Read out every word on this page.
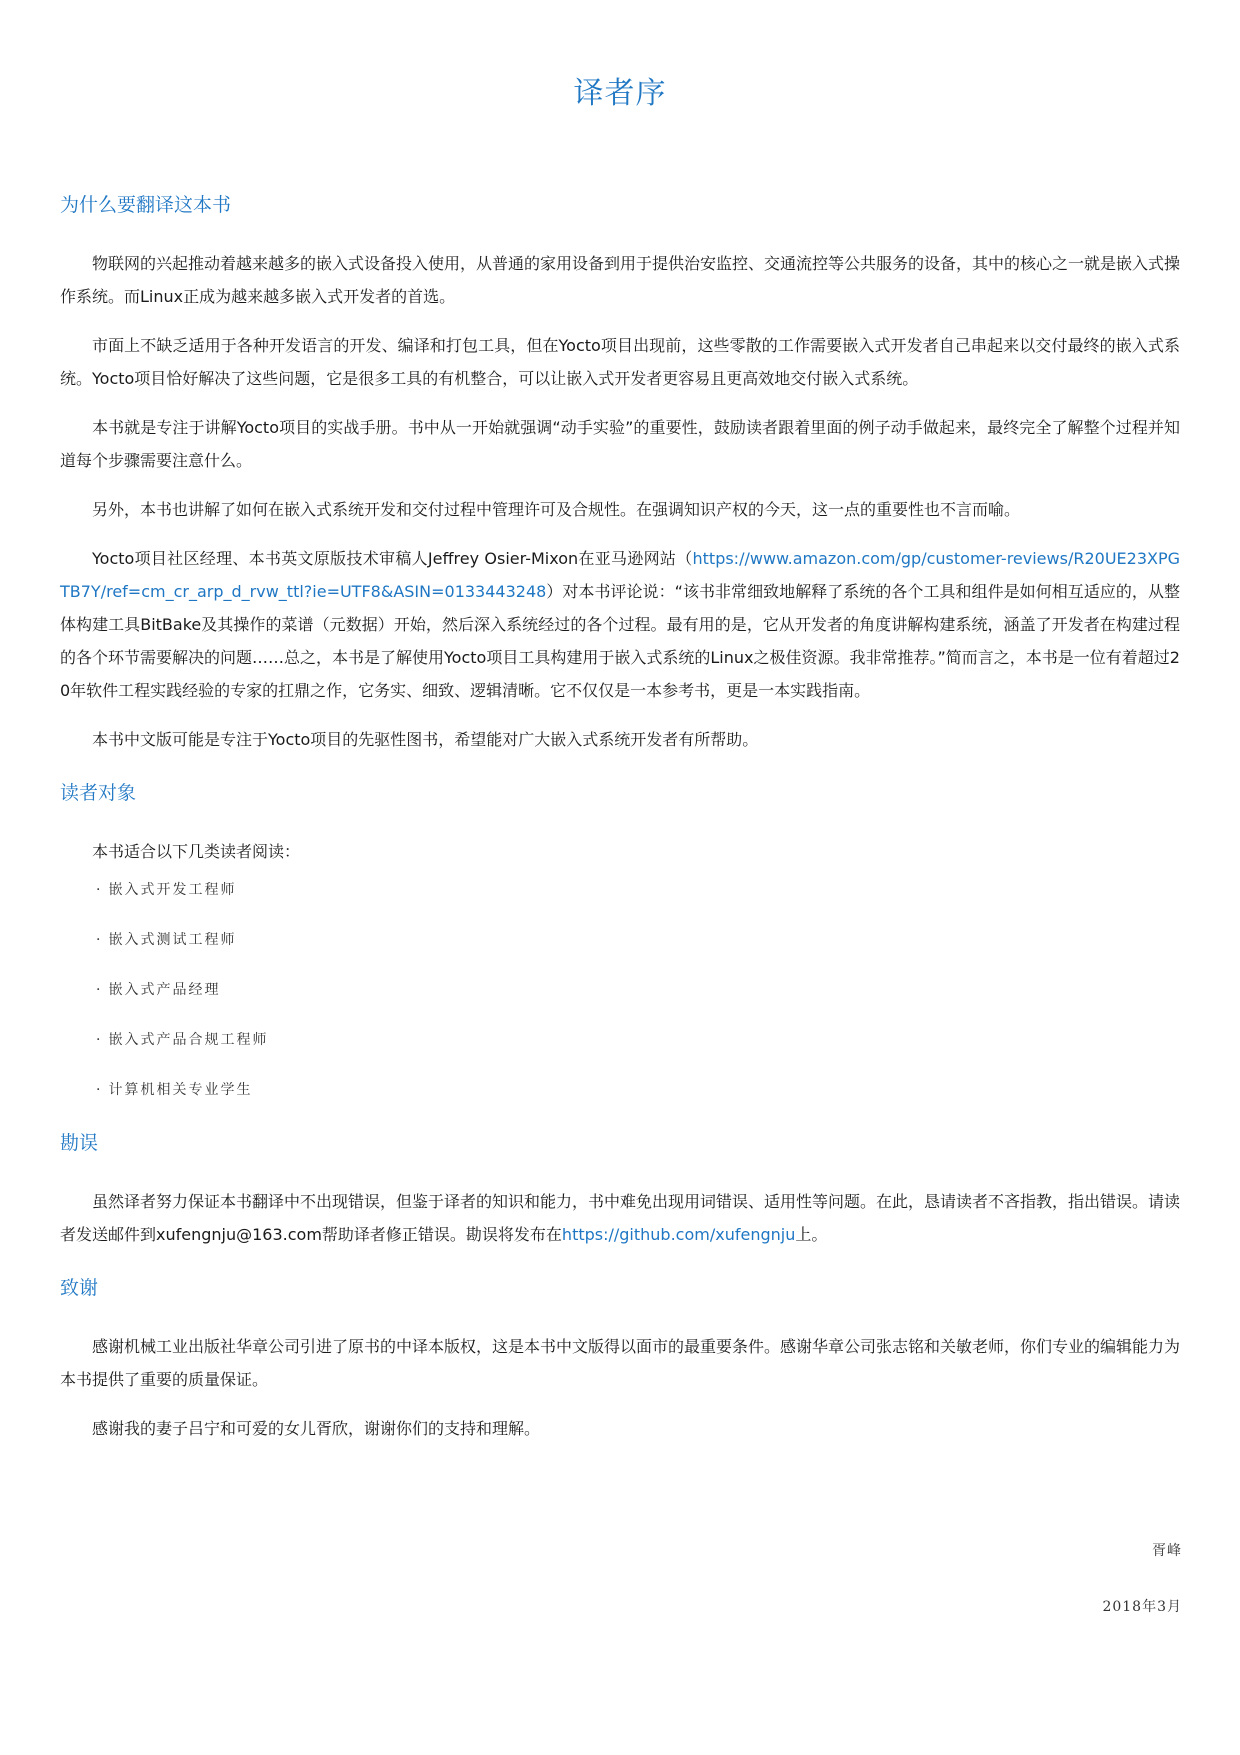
译者序
为什么要翻译这本书

物联网的兴起推动着越来越多的嵌入式设备投入使用，从普通的家用设备到用于提供治安监控、交通流控等公共服务的设备，其中的核心之一就是嵌入式操作系统。而Linux正成为越来越多嵌入式开发者的首选。

市面上不缺乏适用于各种开发语言的开发、编译和打包工具，但在Yocto项目出现前，这些零散的工作需要嵌入式开发者自己串起来以交付最终的嵌入式系统。Yocto项目恰好解决了这些问题，它是很多工具的有机整合，可以让嵌入式开发者更容易且更高效地交付嵌入式系统。

本书就是专注于讲解Yocto项目的实战手册。书中从一开始就强调“动手实验”的重要性，鼓励读者跟着里面的例子动手做起来，最终完全了解整个过程并知道每个步骤需要注意什么。

另外，本书也讲解了如何在嵌入式系统开发和交付过程中管理许可及合规性。在强调知识产权的今天，这一点的重要性也不言而喻。

Yocto项目社区经理、本书英文原版技术审稿人Jeffrey Osier-Mixon在亚马逊网站（https://www.amazon.com/gp/customer-reviews/R20UE23XPGTB7Y/ref=cm_cr_arp_d_rvw_ttl?ie=UTF8&ASIN=0133443248）对本书评论说：“该书非常细致地解释了系统的各个工具和组件是如何相互适应的，从整体构建工具BitBake及其操作的菜谱（元数据）开始，然后深入系统经过的各个过程。最有用的是，它从开发者的角度讲解构建系统，涵盖了开发者在构建过程的各个环节需要解决的问题……总之，本书是了解使用Yocto项目工具构建用于嵌入式系统的Linux之极佳资源。我非常推荐。”简而言之，本书是一位有着超过20年软件工程实践经验的专家的扛鼎之作，它务实、细致、逻辑清晰。它不仅仅是一本参考书，更是一本实践指南。

本书中文版可能是专注于Yocto项目的先驱性图书，希望能对广大嵌入式系统开发者有所帮助。

读者对象

本书适合以下几类读者阅读：

· 嵌入式开发工程师
· 嵌入式测试工程师
· 嵌入式产品经理
· 嵌入式产品合规工程师
· 计算机相关专业学生
勘误

虽然译者努力保证本书翻译中不出现错误，但鉴于译者的知识和能力，书中难免出现用词错误、适用性等问题。在此，恳请读者不吝指教，指出错误。请读者发送邮件到xufengnju@163.com帮助译者修正错误。勘误将发布在https://github.com/xufengnju上。

致谢

感谢机械工业出版社华章公司引进了原书的中译本版权，这是本书中文版得以面市的最重要条件。感谢华章公司张志铭和关敏老师，你们专业的编辑能力为本书提供了重要的质量保证。

感谢我的妻子吕宁和可爱的女儿胥欣，谢谢你们的支持和理解。

胥峰
2018年3月
